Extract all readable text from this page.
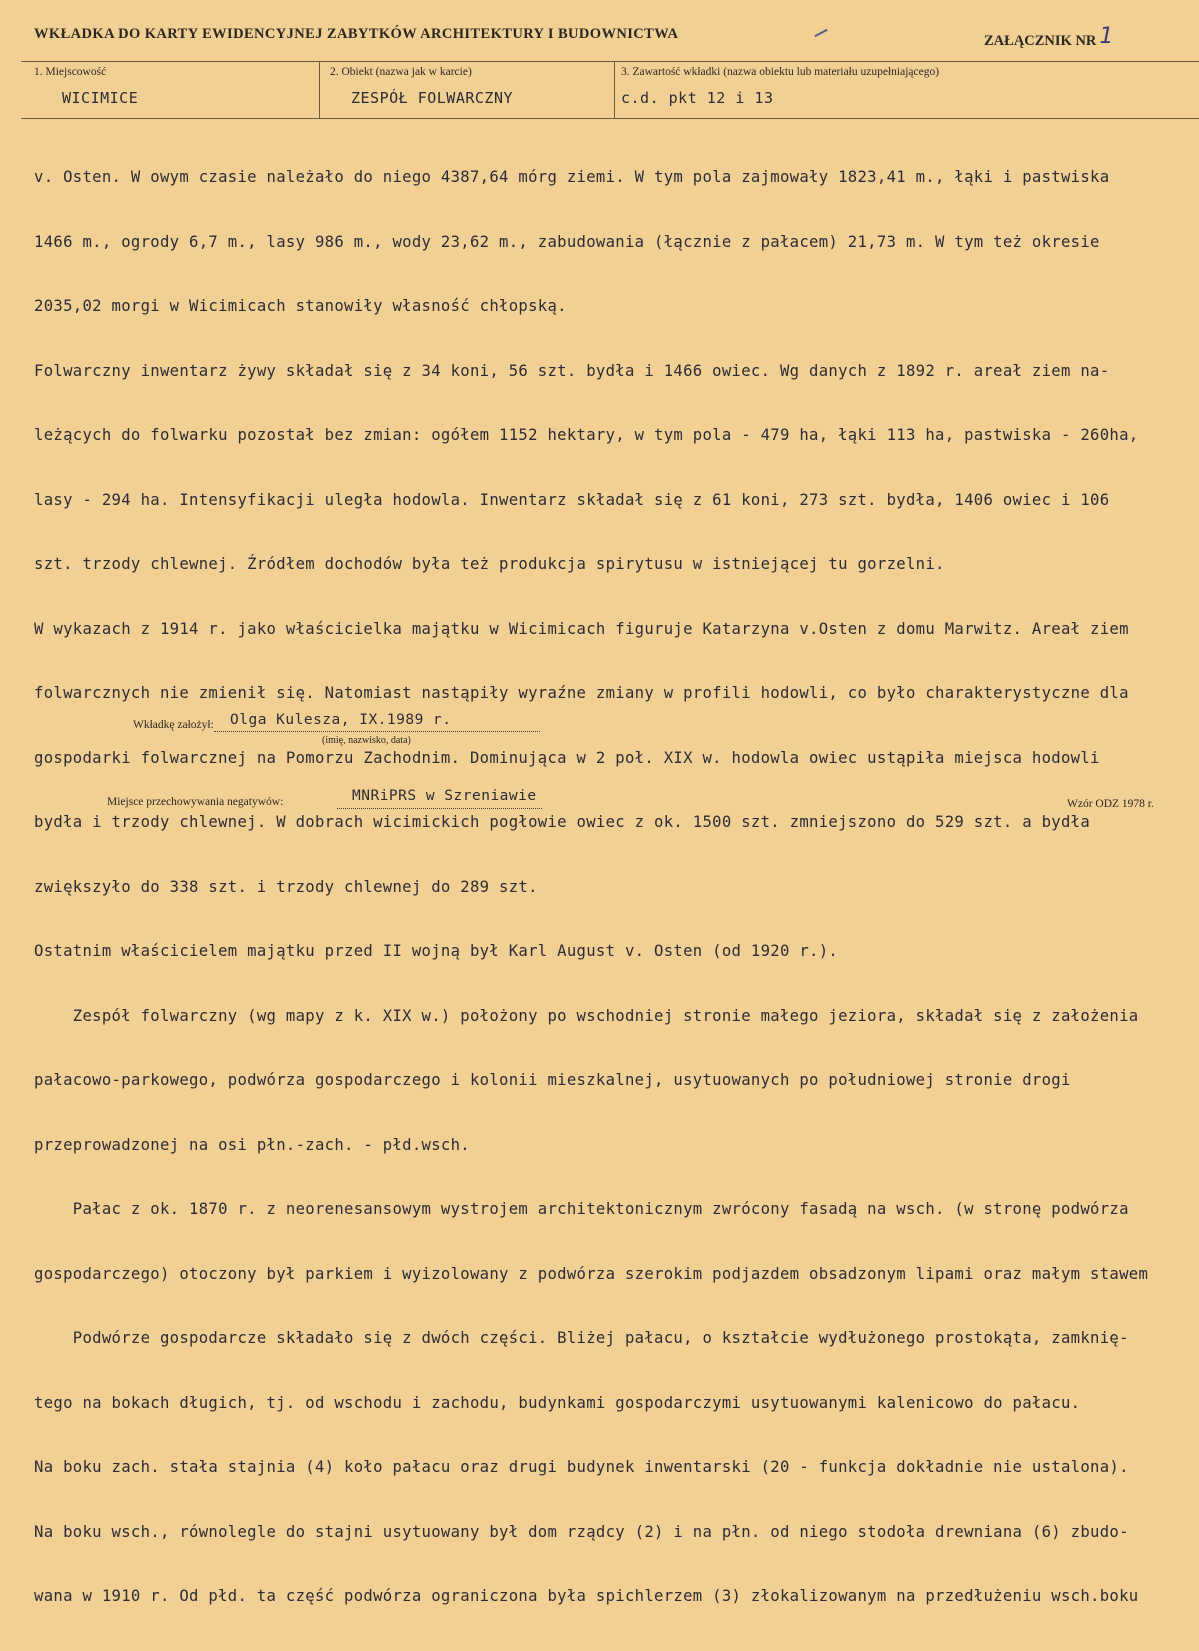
WKŁADKA DO KARTY EWIDENCYJNEJ ZABYTKÓW ARCHITEKTURY I BUDOWNICTWA	ZAŁĄCZNIK NR 1
1. Miejscowość
WICIMICE
2. Obiekt (nazwa jak w karcie)
ZESPÓŁ FOLWARCZNY
3. Zawartość wkładki (nazwa obiektu lub materiału uzupełniającego)
c.d. pkt 12 i 13

v. Osten. W owym czasie należało do niego 4387,64 mórg ziemi. W tym pola zajmowały 1823,41 m., łąki i pastwiska

1466 m., ogrody 6,7 m., lasy 986 m., wody 23,62 m., zabudowania (łącznie z pałacem) 21,73 m. W tym też okresie

2035,02 morgi w Wicimicach stanowiły własność chłopską.

Folwarczny inwentarz żywy składał się z 34 koni, 56 szt. bydła i 1466 owiec. Wg danych z 1892 r. areał ziem na-

leżących do folwarku pozostał bez zmian: ogółem 1152 hektary, w tym pola - 479 ha, łąki 113 ha, pastwiska - 260ha,

lasy - 294 ha. Intensyfikacji uległa hodowla. Inwentarz składał się z 61 koni, 273 szt. bydła, 1406 owiec i 106

szt. trzody chlewnej. Źródłem dochodów była też produkcja spirytusu w istniejącej tu gorzelni.

W wykazach z 1914 r. jako właścicielka majątku w Wicimicach figuruje Katarzyna v.Osten z domu Marwitz. Areał ziem

folwarcznych nie zmienił się. Natomiast nastąpiły wyraźne zmiany w profili hodowli, co było charakterystyczne dla

gospodarki folwarcznej na Pomorzu Zachodnim. Dominująca w 2 poł. XIX w. hodowla owiec ustąpiła miejsca hodowli

bydła i trzody chlewnej. W dobrach wicimickich pogłowie owiec z ok. 1500 szt. zmniejszono do 529 szt. a bydła

zwiększyło do 338 szt. i trzody chlewnej do 289 szt.

Ostatnim właścicielem majątku przed II wojną był Karl August v. Osten (od 1920 r.).

Zespół folwarczny (wg mapy z k. XIX w.) położony po wschodniej stronie małego jeziora, składał się z założenia

pałacowo-parkowego, podwórza gospodarczego i kolonii mieszkalnej, usytuowanych po południowej stronie drogi

przeprowadzonej na osi płn.-zach. - płd.wsch.

Pałac z ok. 1870 r. z neorenesansowym wystrojem architektonicznym zwrócony fasadą na wsch. (w stronę podwórza

gospodarczego) otoczony był parkiem i wyizolowany z podwórza szerokim podjazdem obsadzonym lipami oraz małym stawem

Podwórze gospodarcze składało się z dwóch części. Bliżej pałacu, o kształcie wydłużonego prostokąta, zamknię-

tego na bokach długich, tj. od wschodu i zachodu, budynkami gospodarczymi usytuowanymi kalenicowo do pałacu.

Na boku zach. stała stajnia (4) koło pałacu oraz drugi budynek inwentarski (20 - funkcja dokładnie nie ustalona).

Na boku wsch., równolegle do stajni usytuowany był dom rządcy (2) i na płn. od niego stodoła drewniana (6) zbudo-

wana w 1910 r. Od płd. ta część podwórza ograniczona była spichlerzem (3) złokalizowanym na przedłużeniu wsch.boku

Wkładkę założył: Olga Kulesza, IX.1989 r.
(imię, nazwisko, data)
Miejsce przechowywania negatywów:	MNRiPRS w Szreniawie	Wzór ODZ 1978 r.
